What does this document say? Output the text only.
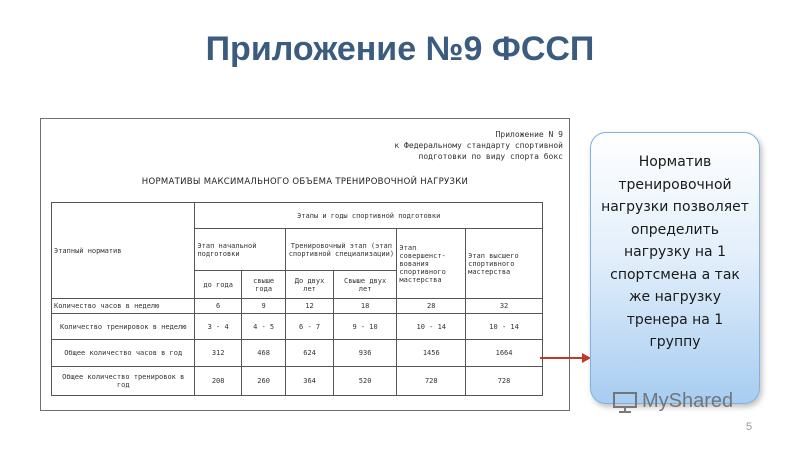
Приложение №9 ФССП
Приложение N 9
к Федеральному стандарту спортивной
подготовки по виду спорта бокс
НОРМАТИВЫ МАКСИМАЛЬНОГО ОБЪЕМА ТРЕНИРОВОЧНОЙ НАГРУЗКИ
Этапный норматив	Этапы и годы спортивной подготовки					
	Этап начальной подготовки		Тренировочный этап (этап спортивной специализации)		Этап совершенст-вования спортивного мастерства	Этап высшего спортивного мастерства
	до года	свыше года	До двух лет	Свыше двух лет		
Количество часов в неделю	6	9	12	18	28	32
Количество тренировок в неделю	3 - 4	4 - 5	6 - 7	9 - 10	10 - 14	10 - 14
Общее количество часов в год	312	468	624	936	1456	1664
Общее количество тренировок в год	208	260	364	520	728	728
Норматив тренировочной нагрузки позволяет определить нагрузку на 1 спортсмена а так же нагрузку тренера на 1 группу
MyShared
5
